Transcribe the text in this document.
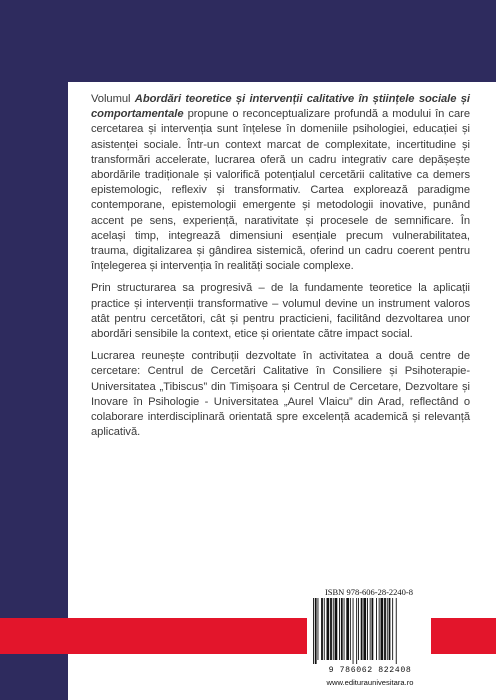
Volumul Abordări teoretice și intervenții calitative în științele sociale și comportamentale propune o reconceptualizare profundă a modului în care cercetarea și intervenția sunt înțelese în domeniile psihologiei, educației și asistenței sociale. Într-un context marcat de complexitate, incertitudine și transformări accelerate, lucrarea oferă un cadru integrativ care depășește abordările tradiționale și valorifică potențialul cercetării calitative ca demers epistemologic, reflexiv și transformativ. Cartea explorează paradigme contemporane, epistemologii emergente și metodologii inovative, punând accent pe sens, experiență, narativitate și procesele de semnificare. În același timp, integrează dimensiuni esențiale precum vulnerabilitatea, trauma, digitalizarea și gândirea sistemică, oferind un cadru coerent pentru înțelegerea și intervenția în realități sociale complexe.

Prin structurarea sa progresivă – de la fundamente teoretice la aplicații practice și intervenții transformative – volumul devine un instrument valoros atât pentru cercetători, cât și pentru practicieni, facilitând dezvoltarea unor abordări sensibile la context, etice și orientate către impact social.

Lucrarea reunește contribuții dezvoltate în activitatea a două centre de cercetare: Centrul de Cercetări Calitative în Consiliere și Psihoterapie-Universitatea „Tibiscus” din Timișoara și Centrul de Cercetare, Dezvoltare și Inovare în Psihologie - Universitatea „Aurel Vlaicu” din Arad, reflectând o colaborare interdisciplinară orientată spre excelență academică și relevanță aplicativă.

ISBN 978-606-28-2240-8
9 786062 822408
www.edituraunivesitara.ro
